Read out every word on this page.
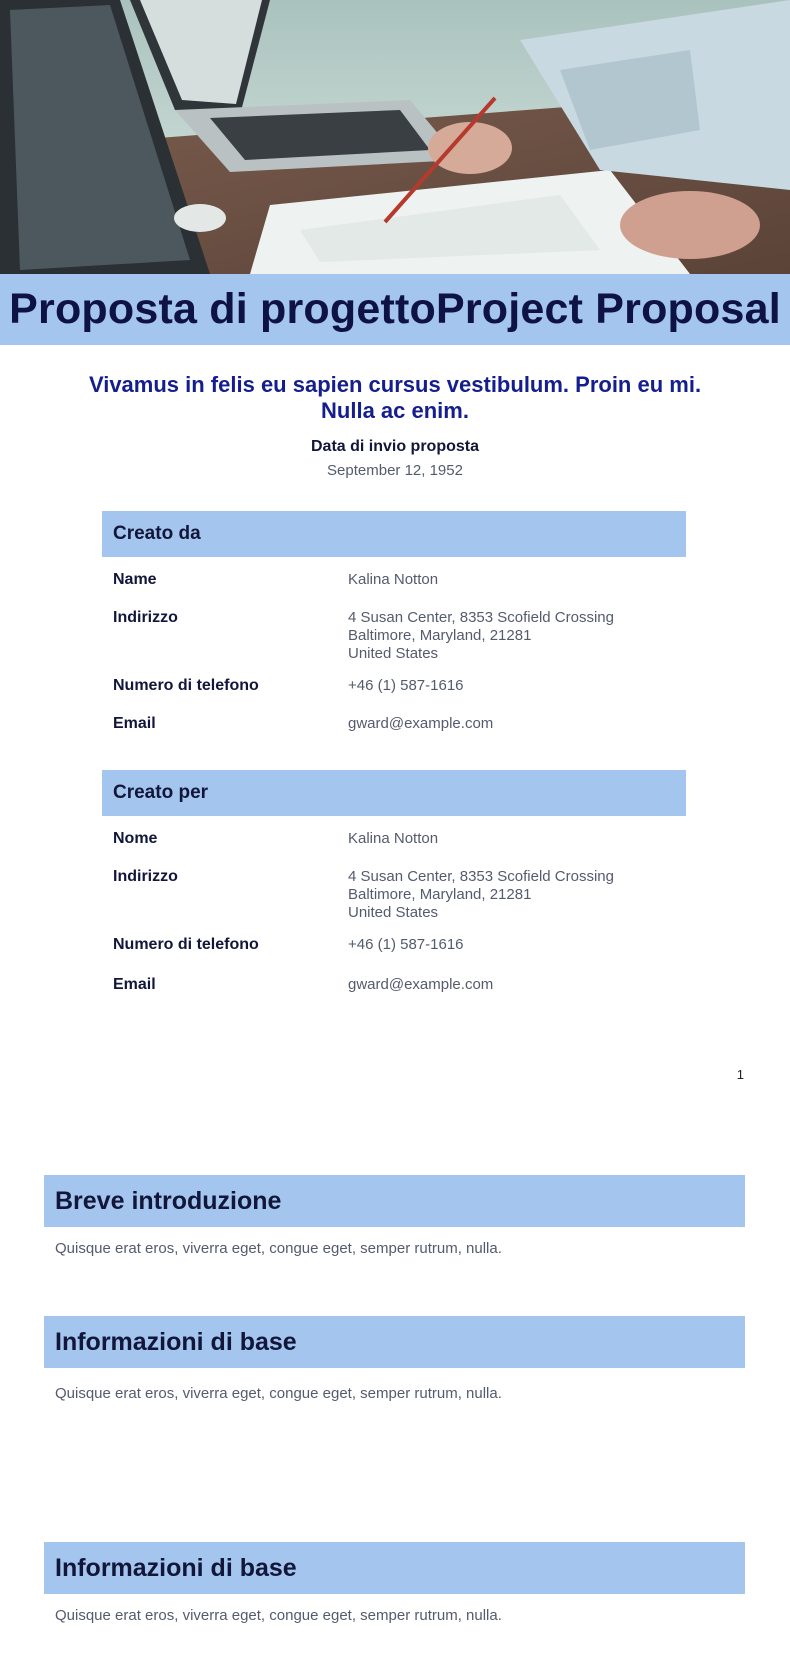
Proposta di progettoProject Proposal

Vivamus in felis eu sapien cursus vestibulum. Proin eu mi. Nulla ac enim.

Data di invio proposta
September 12, 1952
Creato da
Name	Kalina Notton
Indirizzo	4 Susan Center, 8353 Scofield Crossing
Baltimore, Maryland, 21281
United States
Numero di telefono	+46 (1) 587-1616
Email	gward@example.com
Creato per
Nome	Kalina Notton
Indirizzo	4 Susan Center, 8353 Scofield Crossing
Baltimore, Maryland, 21281
United States
Numero di telefono	+46 (1) 587-1616
Email	gward@example.com
1
Breve introduzione
Quisque erat eros, viverra eget, congue eget, semper rutrum, nulla.
Informazioni di base
Quisque erat eros, viverra eget, congue eget, semper rutrum, nulla.
Informazioni di base
Quisque erat eros, viverra eget, congue eget, semper rutrum, nulla.
